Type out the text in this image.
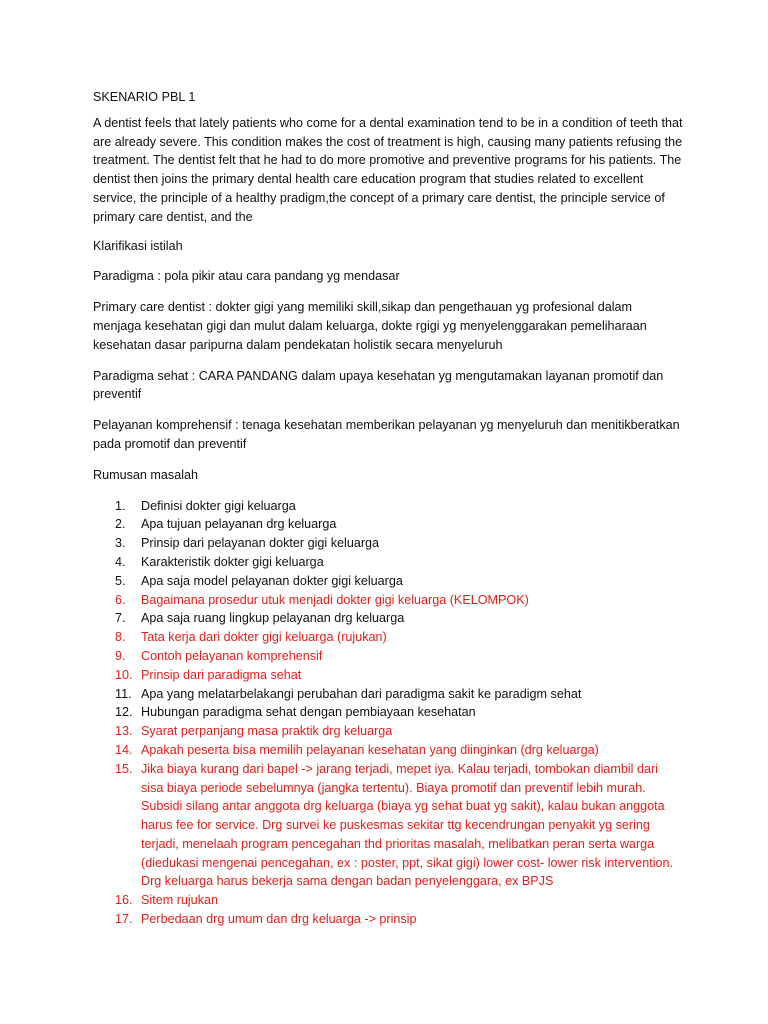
SKENARIO PBL 1

A dentist feels that lately patients who come for a dental examination tend to be in a condition of teeth that are already severe. This condition makes the cost of treatment is high, causing many patients refusing the treatment. The dentist felt that he had to do more promotive and preventive programs for his patients. The dentist then joins the primary dental health care education program that studies related to excellent service, the principle of a healthy pradigm,the concept of a primary care dentist, the principle service of primary care dentist, and the

Klarifikasi istilah

Paradigma : pola pikir atau cara pandang yg mendasar

Primary care dentist : dokter gigi yang memiliki skill,sikap dan pengethauan yg profesional dalam menjaga kesehatan gigi dan mulut dalam keluarga, dokte rgigi yg menyelenggarakan pemeliharaan kesehatan dasar paripurna dalam pendekatan holistik secara menyeluruh

Paradigma sehat : CARA PANDANG dalam upaya kesehatan yg mengutamakan layanan promotif dan preventif

Pelayanan komprehensif : tenaga kesehatan memberikan pelayanan yg menyeluruh dan menitikberatkan pada promotif dan preventif

Rumusan masalah

1. Definisi dokter gigi keluarga
2. Apa tujuan pelayanan drg keluarga
3. Prinsip dari pelayanan dokter gigi keluarga
4. Karakteristik dokter gigi keluarga
5. Apa saja model pelayanan dokter gigi keluarga
6. Bagaimana prosedur utuk menjadi dokter gigi keluarga (KELOMPOK)
7. Apa saja ruang lingkup pelayanan drg keluarga
8. Tata kerja dari dokter gigi keluarga (rujukan)
9. Contoh pelayanan komprehensif
10. Prinsip dari paradigma sehat
11. Apa yang melatarbelakangi perubahan dari paradigma sakit ke paradigm sehat
12. Hubungan paradigma sehat dengan pembiayaan kesehatan
13. Syarat perpanjang masa praktik drg keluarga
14. Apakah peserta bisa memilih pelayanan kesehatan yang diinginkan (drg keluarga)
15. Jika biaya kurang dari bapel -> jarang terjadi, mepet iya. Kalau terjadi, tombokan diambil dari sisa biaya periode sebelumnya (jangka tertentu). Biaya promotif dan preventif lebih murah. Subsidi silang antar anggota drg keluarga (biaya yg sehat buat yg sakit), kalau bukan anggota harus fee for service. Drg survei ke puskesmas sekitar ttg kecendrungan penyakit yg sering terjadi, menelaah program pencegahan thd prioritas masalah, melibatkan peran serta warga (diedukasi mengenai pencegahan, ex : poster, ppt, sikat gigi) lower cost- lower risk intervention. Drg keluarga harus bekerja sama dengan badan penyelenggara, ex BPJS
16. Sitem rujukan
17. Perbedaan drg umum dan drg keluarga -> prinsip
